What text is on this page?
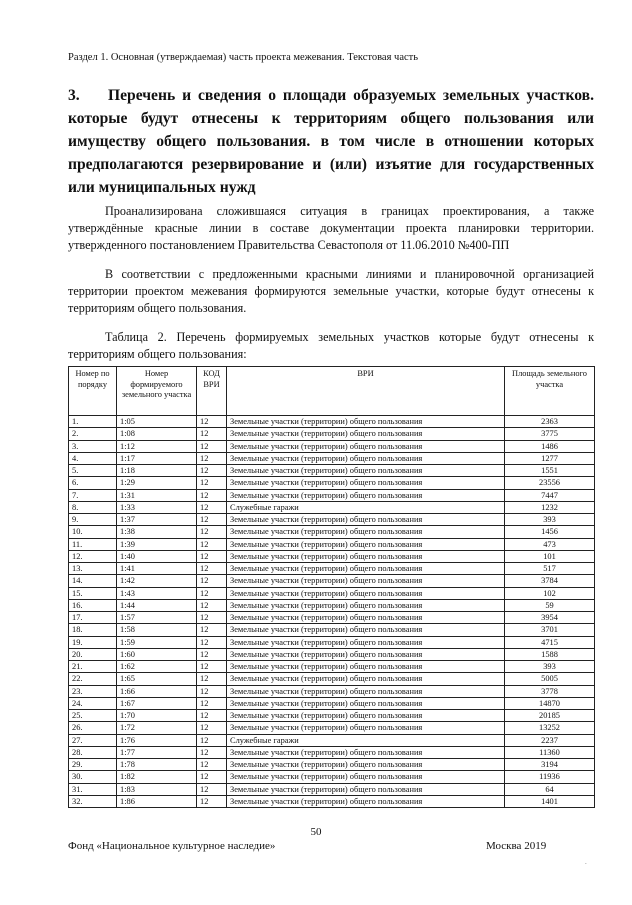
Раздел 1. Основная (утверждаемая) часть проекта межевания. Текстовая часть
3. Перечень и сведения о площади образуемых земельных участков. которые будут отнесены к территориям общего пользования или имуществу общего пользования. в том числе в отношении которых предполагаются резервирование и (или) изъятие для государственных или муниципальных нужд

Проанализирована сложившаяся ситуация в границах проектирования, а также утверждённые красные линии в составе документации проекта планировки территории. утвержденного постановлением Правительства Севастополя от 11.06.2010 №400-ПП

В соответствии с предложенными красными линиями и планировочной организацией территории проектом межевания формируются земельные участки, которые будут отнесены к территориям общего пользования.

Таблица 2. Перечень формируемых земельных участков которые будут отнесены к территориям общего пользования:

Номер по порядку	Номер формируемого земельного участка	КОД ВРИ	ВРИ	Площадь земельного участка
1.	1:05	12	Земельные участки (территории) общего пользования	2363
2.	1:08	12	Земельные участки (территории) общего пользования	3775
3.	1:12	12	Земельные участки (территории) общего пользования	1486
4.	1:17	12	Земельные участки (территории) общего пользования	1277
5.	1:18	12	Земельные участки (территории) общего пользования	1551
6.	1:29	12	Земельные участки (территории) общего пользования	23556
7.	1:31	12	Земельные участки (территории) общего пользования	7447
8.	1:33	12	Служебные гаражи	1232
9.	1:37	12	Земельные участки (территории) общего пользования	393
10.	1:38	12	Земельные участки (территории) общего пользования	1456
11.	1:39	12	Земельные участки (территории) общего пользования	473
12.	1:40	12	Земельные участки (территории) общего пользования	101
13.	1:41	12	Земельные участки (территории) общего пользования	517
14.	1:42	12	Земельные участки (территории) общего пользования	3784
15.	1:43	12	Земельные участки (территории) общего пользования	102
16.	1:44	12	Земельные участки (территории) общего пользования	59
17.	1:57	12	Земельные участки (территории) общего пользования	3954
18.	1:58	12	Земельные участки (территории) общего пользования	3701
19.	1:59	12	Земельные участки (территории) общего пользования	4715
20.	1:60	12	Земельные участки (территории) общего пользования	1588
21.	1:62	12	Земельные участки (территории) общего пользования	393
22.	1:65	12	Земельные участки (территории) общего пользования	5005
23.	1:66	12	Земельные участки (территории) общего пользования	3778
24.	1:67	12	Земельные участки (территории) общего пользования	14870
25.	1:70	12	Земельные участки (территории) общего пользования	20185
26.	1:72	12	Земельные участки (территории) общего пользования	13252
27.	1:76	12	Служебные гаражи	2237
28.	1:77	12	Земельные участки (территории) общего пользования	11360
29.	1:78	12	Земельные участки (территории) общего пользования	3194
30.	1:82	12	Земельные участки (территории) общего пользования	11936
31.	1:83	12	Земельные участки (территории) общего пользования	64
32.	1:86	12	Земельные участки (территории) общего пользования	1401
50
Фонд «Национальное культурное наследие»	Москва 2019
.
